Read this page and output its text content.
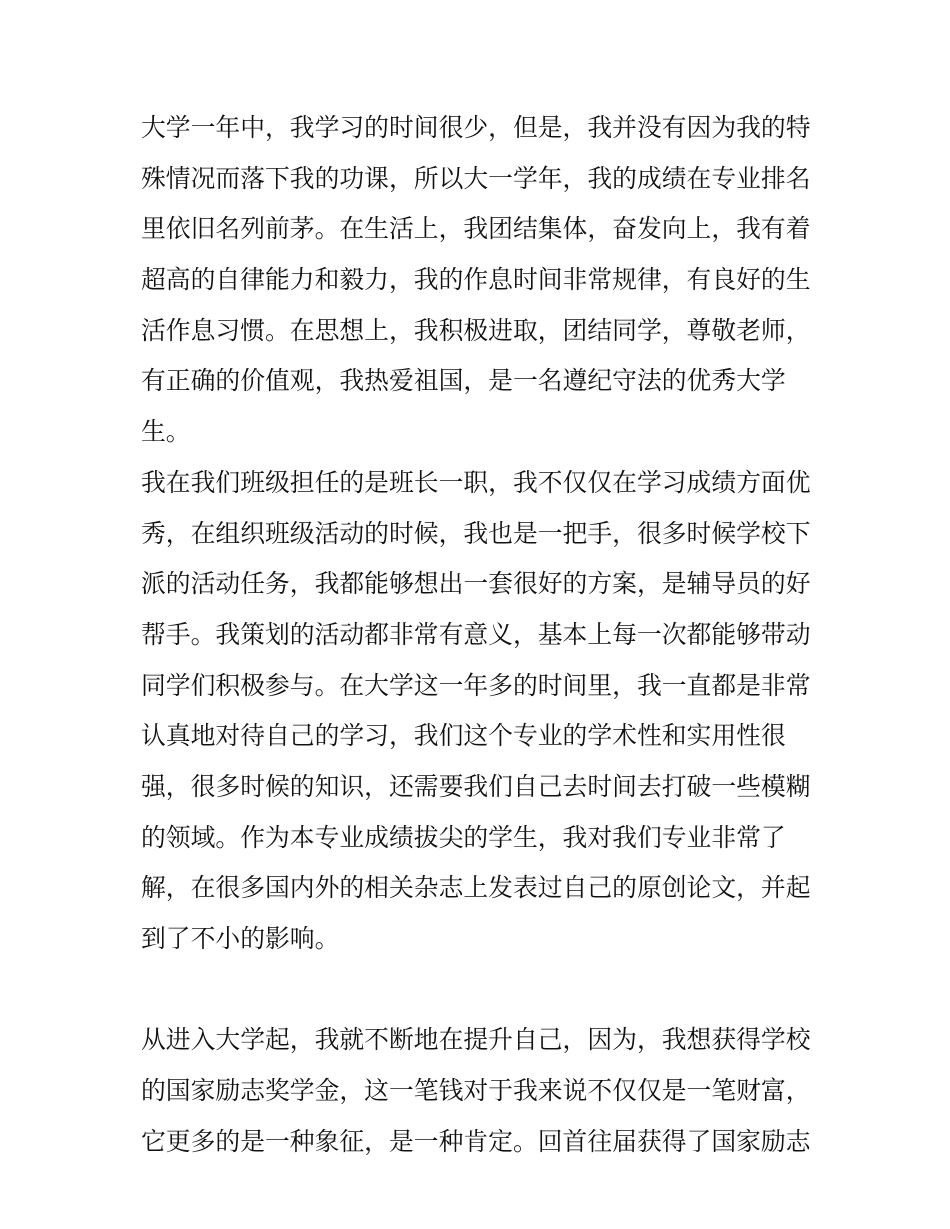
大学一年中，我学习的时间很少，但是，我并没有因为我的特
殊情况而落下我的功课，所以大一学年，我的成绩在专业排名
里依旧名列前茅。在生活上，我团结集体，奋发向上，我有着
超高的自律能力和毅力，我的作息时间非常规律，有良好的生
活作息习惯。在思想上，我积极进取，团结同学，尊敬老师，
有正确的价值观，我热爱祖国，是一名遵纪守法的优秀大学
生。
我在我们班级担任的是班长一职，我不仅仅在学习成绩方面优
秀，在组织班级活动的时候，我也是一把手，很多时候学校下
派的活动任务，我都能够想出一套很好的方案，是辅导员的好
帮手。我策划的活动都非常有意义，基本上每一次都能够带动
同学们积极参与。在大学这一年多的时间里，我一直都是非常
认真地对待自己的学习，我们这个专业的学术性和实用性很
强，很多时候的知识，还需要我们自己去时间去打破一些模糊
的领域。作为本专业成绩拔尖的学生，我对我们专业非常了
解，在很多国内外的相关杂志上发表过自己的原创论文，并起
到了不小的影响。
从进入大学起，我就不断地在提升自己，因为，我想获得学校
的国家励志奖学金，这一笔钱对于我来说不仅仅是一笔财富，
它更多的是一种象征，是一种肯定。回首往届获得了国家励志
